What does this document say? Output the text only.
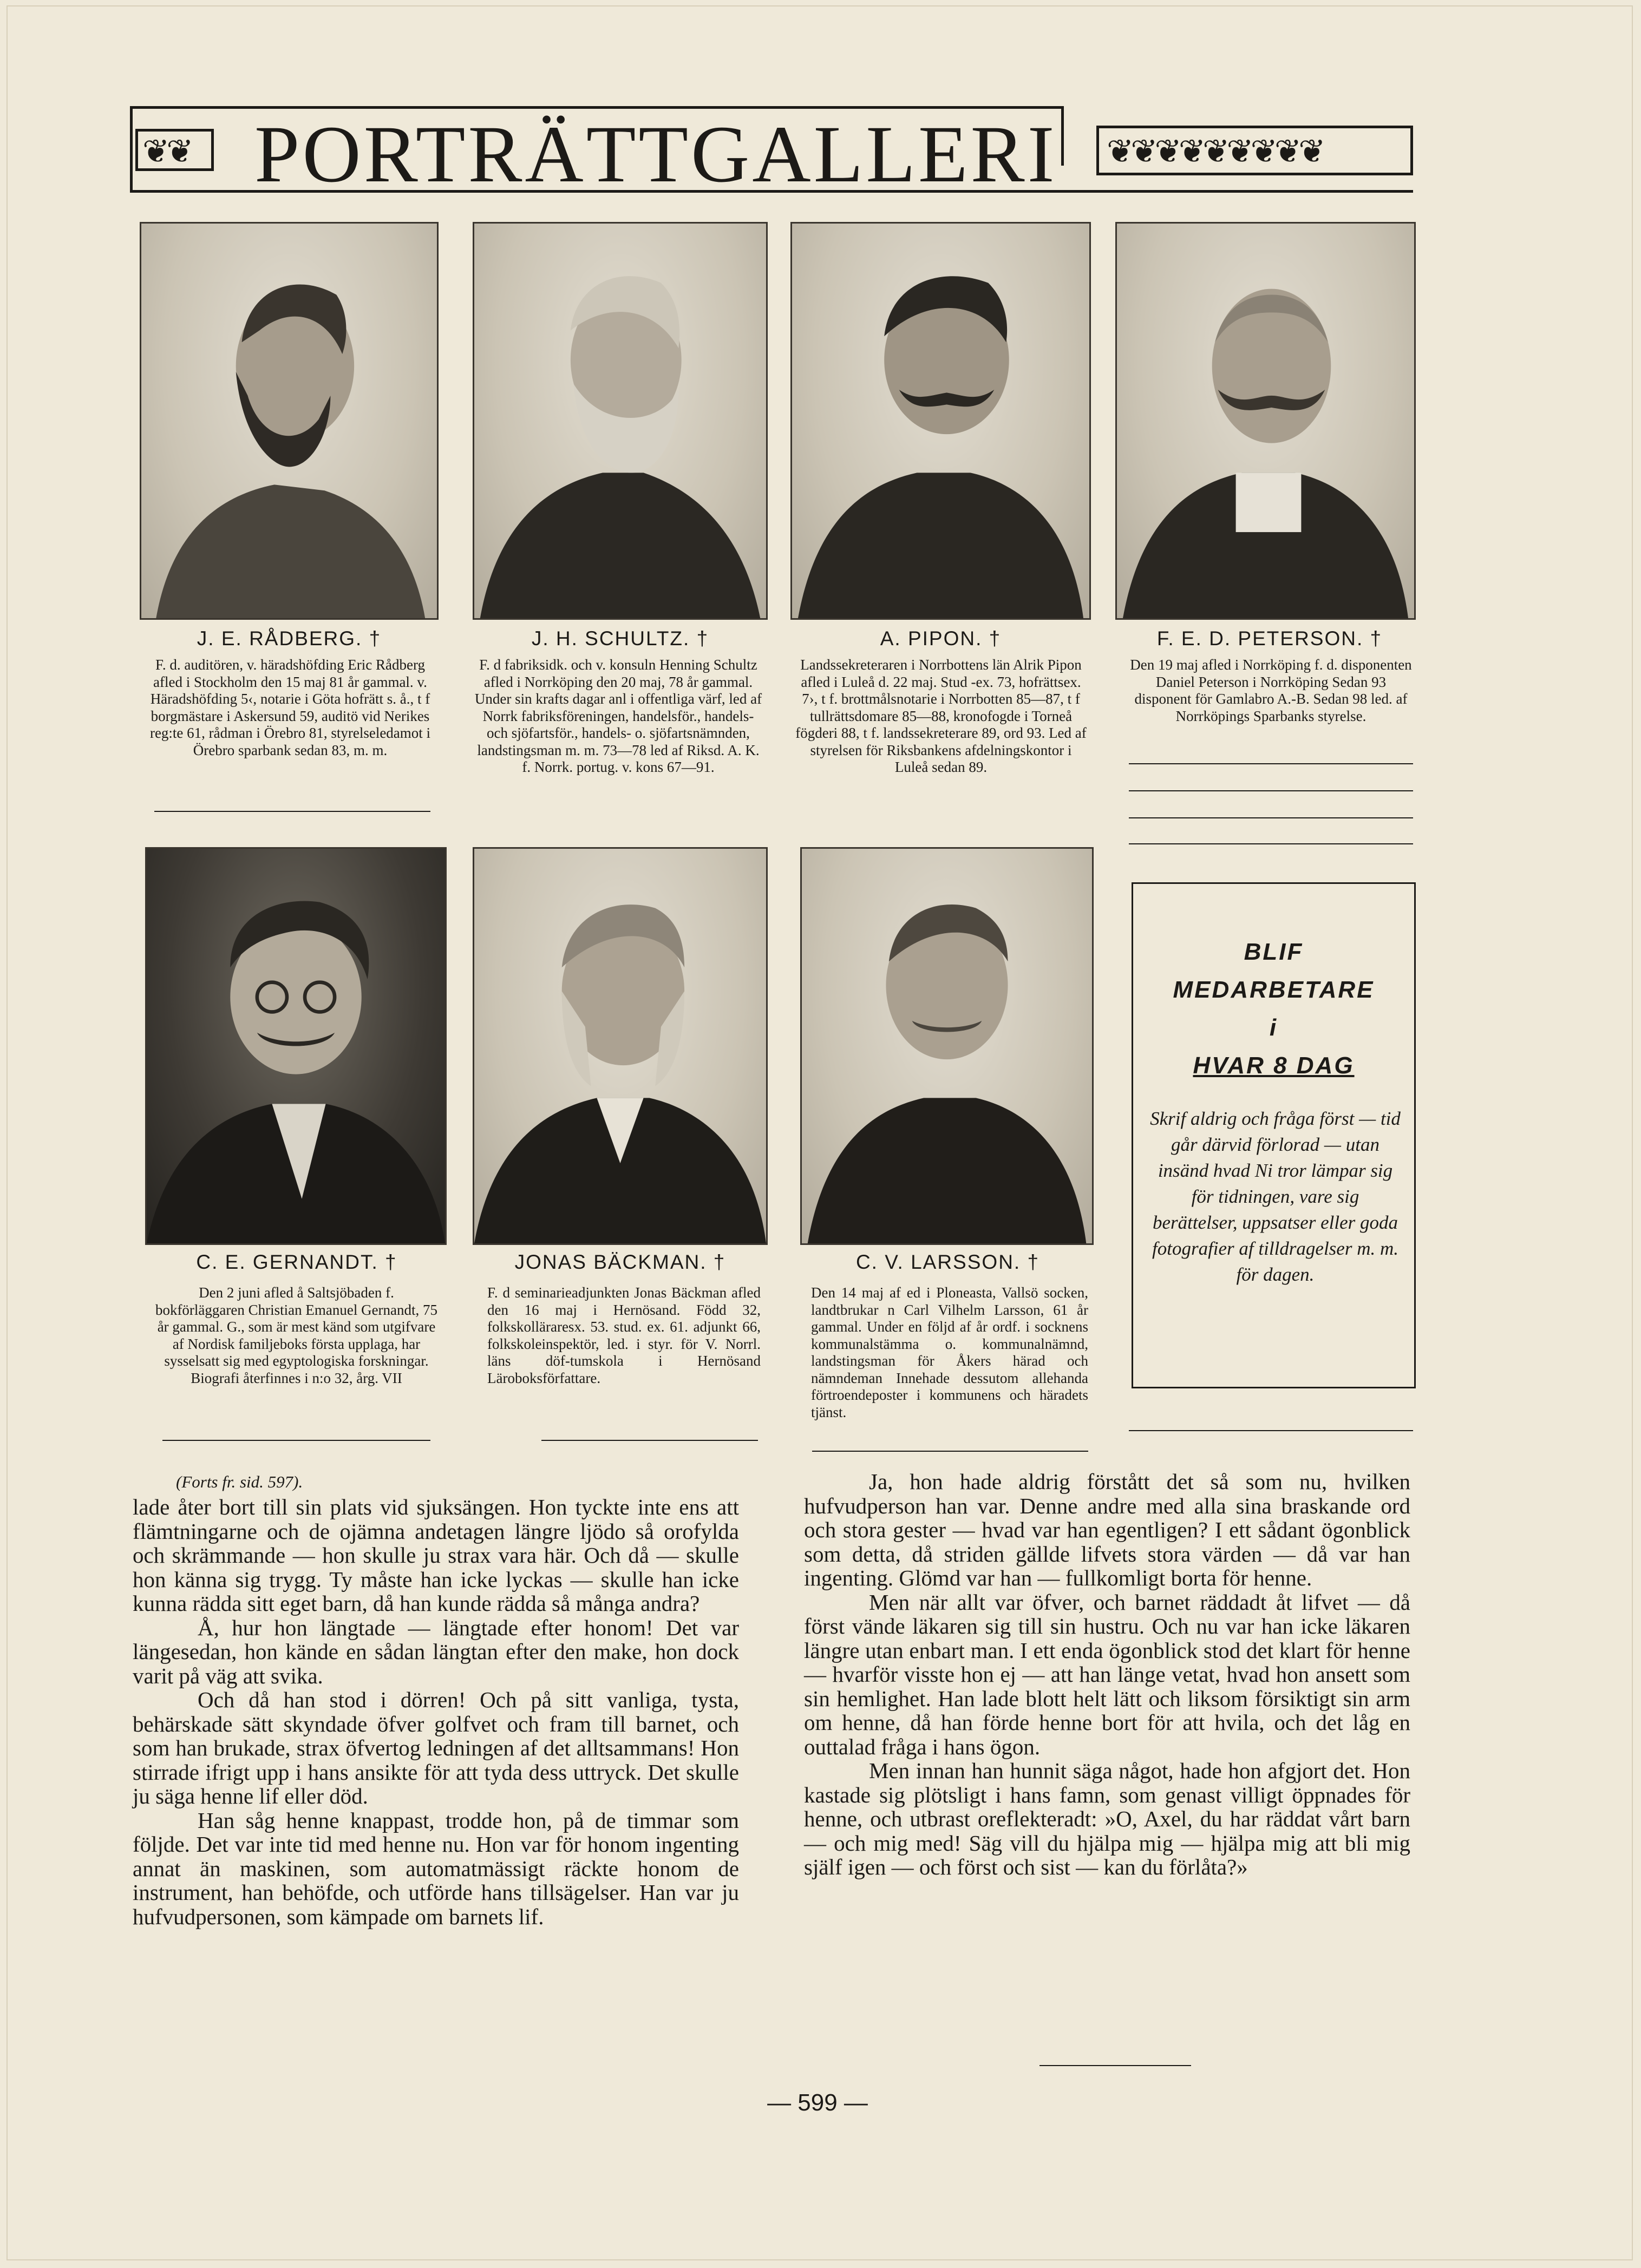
❦❦ PORTRÄTTGALLERI ❦❦❦❦❦❦❦❦❦
J. E. RÅDBERG. †
F. d. auditören, v. häradshöfding Eric Rådberg afled i Stockholm den 15 maj 81 år gammal. v. Häradshöfding 5‹, notarie i Göta hofrätt s. å., t f borgmästare i Askersund 59, auditö vid Nerikes reg:te 61, rådman i Örebro 81, styrelseledamot i Örebro sparbank sedan 83, m. m.
J. H. SCHULTZ. †
F. d fabriksidk. och v. konsuln Henning Schultz afled i Norrköping den 20 maj, 78 år gammal. Under sin krafts dagar anl i offentliga värf, led af Norrk fabriksföreningen, handelsför., handels- och sjöfartsför., handels- o. sjöfartsnämnden, landstingsman m. m. 73—78 led af Riksd. A. K. f. Norrk. portug. v. kons 67—91.
A. PIPON. †
Landssekreteraren i Norrbottens län Alrik Pipon afled i Luleå d. 22 maj. Stud -ex. 73, hofrättsex. 7›, t f. brottmålsnotarie i Norrbotten 85—87, t f tullrättsdomare 85—88, kronofogde i Torneå fögderi 88, t f. landssekreterare 89, ord 93. Led af styrelsen för Riksbankens afdelningskontor i Luleå sedan 89.
F. E. D. PETERSON. †
Den 19 maj afled i Norrköping f. d. disponenten Daniel Peterson i Norrköping Sedan 93 disponent för Gamlabro A.-B. Sedan 98 led. af Norrköpings Sparbanks styrelse.
C. E. GERNANDT. †
Den 2 juni afled å Saltsjöbaden f. bokförläggaren Christian Emanuel Gernandt, 75 år gammal. G., som är mest känd som utgifvare af Nordisk familjeboks första upplaga, har sysselsatt sig med egyptologiska forskningar. Biografi återfinnes i n:o 32, årg. VII
JONAS BÄCKMAN. †
F. d seminarieadjunkten Jonas Bäckman afled den 16 maj i Hernösand. Född 32, folkskolläraresx. 53. stud. ex. 61. adjunkt 66, folkskoleinspektör, led. i styr. för V. Norrl. läns döf-tumskola i Hernösand Läroboksförfattare.
C. V. LARSSON. †
Den 14 maj af ed i Ploneasta, Vallsö socken, landtbrukar n Carl Vilhelm Larsson, 61 år gammal. Under en följd af år ordf. i socknens kommunalstämma o. kommunalnämnd, landstingsman för Åkers härad och nämndeman Innehade dessutom allehanda förtroendeposter i kommunens och häradets tjänst.
BLIF
MEDARBETARE
i
HVAR 8 DAG
Skrif aldrig och fråga först — tid går därvid förlorad — utan insänd hvad Ni tror lämpar sig för tidningen, vare sig berättelser, uppsatser eller goda fotografier af tilldragelser m. m. för dagen.
(Forts fr. sid. 597).

lade åter bort till sin plats vid sjuksängen. Hon tyckte inte ens att flämtningarne och de ojämna andetagen längre ljödo så orofylda och skrämmande — hon skulle ju strax vara här. Och då — skulle hon känna sig trygg. Ty måste han icke lyckas — skulle han icke kunna rädda sitt eget barn, då han kunde rädda så många andra?

Å, hur hon längtade — längtade efter honom! Det var längesedan, hon kände en sådan längtan efter den make, hon dock varit på väg att svika.

Och då han stod i dörren! Och på sitt vanliga, tysta, behärskade sätt skyndade öfver golfvet och fram till barnet, och som han brukade, strax öfvertog ledningen af det alltsammans! Hon stirrade ifrigt upp i hans ansikte för att tyda dess uttryck. Det skulle ju säga henne lif eller död.

Han såg henne knappast, trodde hon, på de timmar som följde. Det var inte tid med henne nu. Hon var för honom ingenting annat än maskinen, som automatmässigt räckte honom de instrument, han behöfde, och utförde hans tillsägelser. Han var ju hufvudpersonen, som kämpade om barnets lif.

Ja, hon hade aldrig förstått det så som nu, hvilken hufvudperson han var. Denne andre med alla sina braskande ord och stora gester — hvad var han egentligen? I ett sådant ögonblick som detta, då striden gällde lifvets stora värden — då var han ingenting. Glömd var han — fullkomligt borta för henne.

Men när allt var öfver, och barnet räddadt åt lifvet — då först vände läkaren sig till sin hustru. Och nu var han icke läkaren längre utan enbart man. I ett enda ögonblick stod det klart för henne — hvarför visste hon ej — att han länge vetat, hvad hon ansett som sin hemlighet. Han lade blott helt lätt och liksom försiktigt sin arm om henne, då han förde henne bort för att hvila, och det låg en outtalad fråga i hans ögon.

Men innan han hunnit säga något, hade hon afgjort det. Hon kastade sig plötsligt i hans famn, som genast villigt öppnades för henne, och utbrast oreflekteradt: »O, Axel, du har räddat vårt barn — och mig med! Säg vill du hjälpa mig — hjälpa mig att bli mig själf igen — och först och sist — kan du förlåta?»

— 599 —
